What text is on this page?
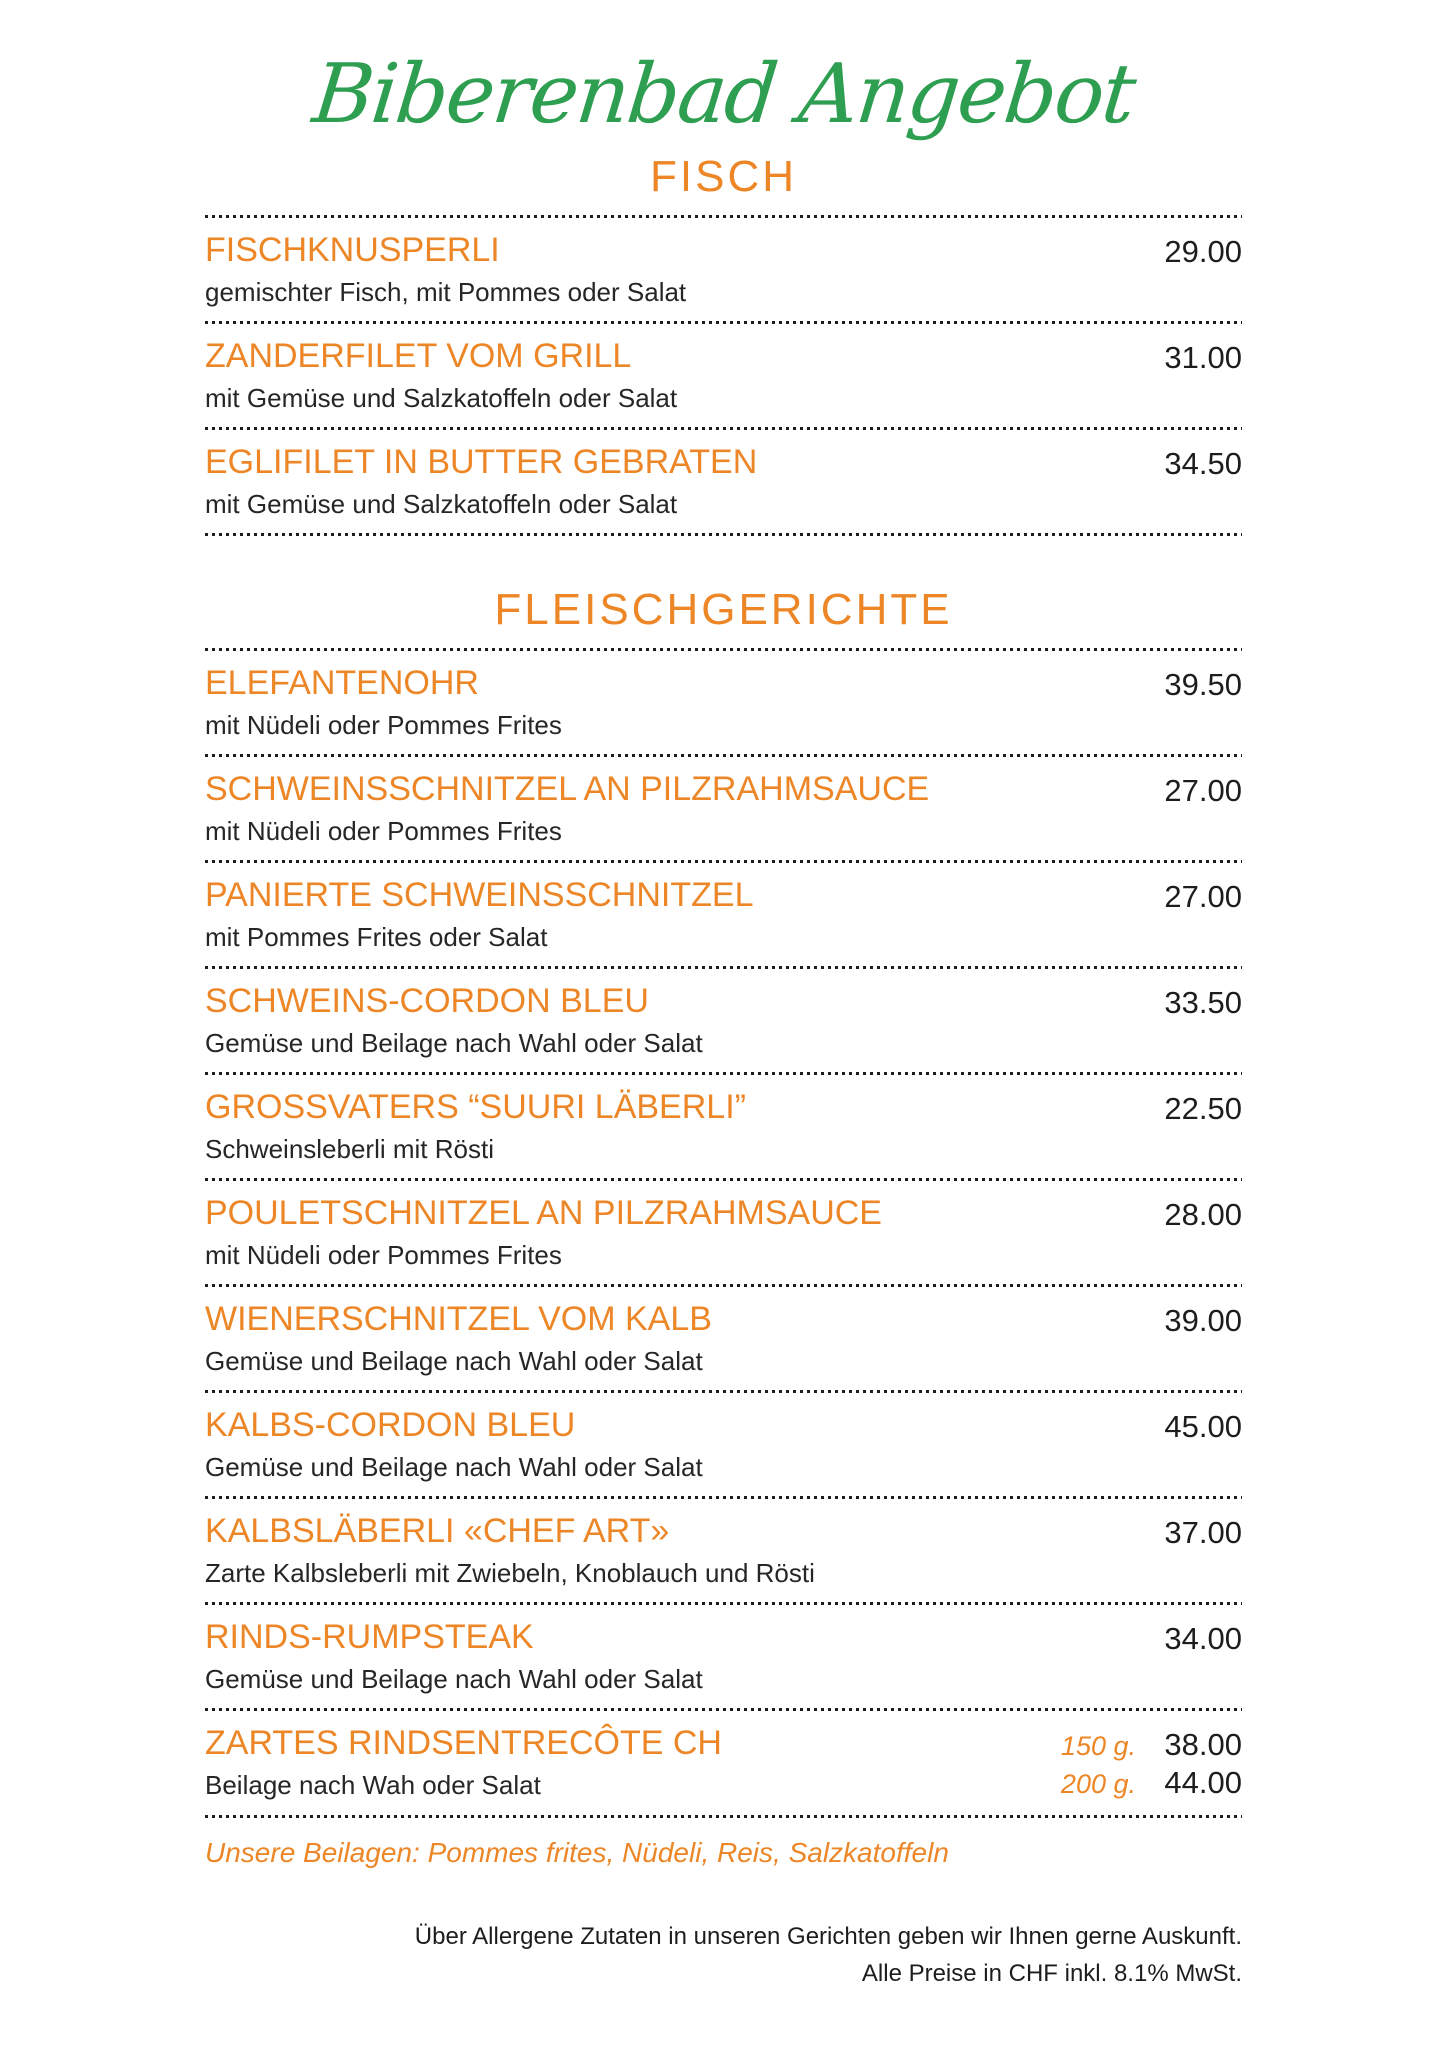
Biberenbad Angebot
FISCH
FISCHKNUSPERLI
gemischter Fisch, mit Pommes oder Salat
29.00
ZANDERFILET VOM GRILL
mit Gemüse und Salzkatoffeln oder Salat
31.00
EGLIFILET IN BUTTER GEBRATEN
mit Gemüse und Salzkatoffeln oder Salat
34.50
FLEISCHGERICHTE
ELEFANTENOHR
mit Nüdeli oder Pommes Frites
39.50
SCHWEINSSCHNITZEL AN PILZRAHMSAUCE
mit Nüdeli oder Pommes Frites
27.00
PANIERTE SCHWEINSSCHNITZEL
mit Pommes Frites oder Salat
27.00
SCHWEINS-CORDON BLEU
Gemüse und Beilage nach Wahl oder Salat
33.50
GROSSVATERS “SUURI LÄBERLI”
Schweinsleberli mit Rösti
22.50
POULETSCHNITZEL AN PILZRAHMSAUCE
mit Nüdeli oder Pommes Frites
28.00
WIENERSCHNITZEL VOM KALB
Gemüse und Beilage nach Wahl oder Salat
39.00
KALBS-CORDON BLEU
Gemüse und Beilage nach Wahl oder Salat
45.00
KALBSLÄBERLI «CHEF ART»
Zarte Kalbsleberli mit Zwiebeln, Knoblauch und Rösti
37.00
RINDS-RUMPSTEAK
Gemüse und Beilage nach Wahl oder Salat
34.00
ZARTES RINDSENTRECÔTE CH
Beilage nach Wah oder Salat
150 g. 38.00
200 g. 44.00
Unsere Beilagen: Pommes frites, Nüdeli, Reis, Salzkatoffeln
Über Allergene Zutaten in unseren Gerichten geben wir Ihnen gerne Auskunft.
Alle Preise in CHF inkl. 8.1% MwSt.
